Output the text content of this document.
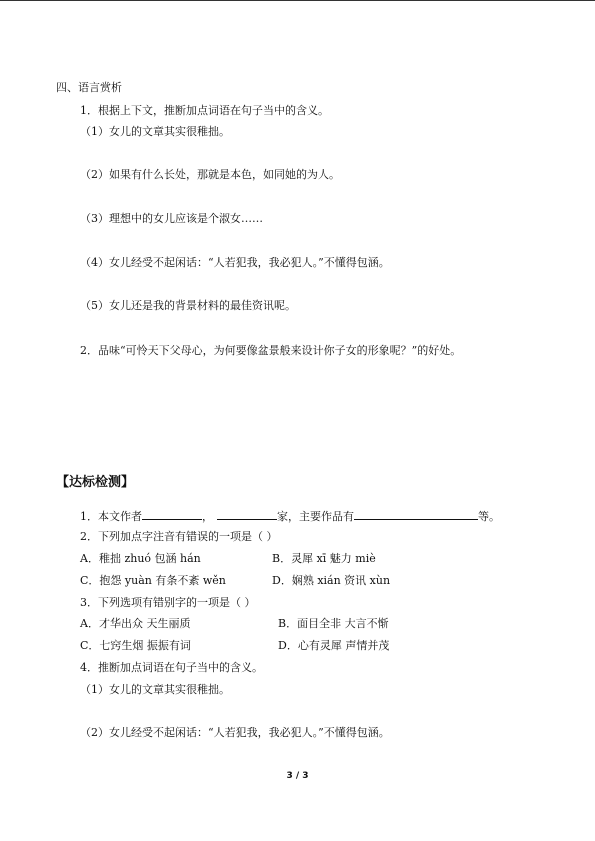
四、语言赏析
1．根据上下文，推断加点词语在句子当中的含义。
（1）女儿的文章其实很稚拙。
（2）如果有什么长处，那就是本色，如同她的为人。
（3）理想中的女儿应该是个淑女……
（4）女儿经受不起闲话：“人若犯我，我必犯人。”不懂得包涵。
（5）女儿还是我的背景材料的最佳资讯呢。
2．品味“可怜天下父母心，为何要像盆景般来设计你子女的形象呢？”的好处。
【达标检测】
1．本文作者	，	家，主要作品有	等。
2．下列加点字注音有错误的一项是（ ）
A．稚拙 zhuó 包涵 hán	B．灵犀 xī 魅力 miè
C．抱怨 yuàn 有条不紊 wěn	D．娴熟 xián 资讯 xùn
3．下列选项有错别字的一项是（ ）
A．才华出众 天生丽质	B．面目全非 大言不惭
C．七窍生烟 振振有词	D．心有灵犀 声情并茂
4．推断加点词语在句子当中的含义。
（1）女儿的文章其实很稚拙。
（2）女儿经受不起闲话：“人若犯我，我必犯人。”不懂得包涵。
3 / 3
